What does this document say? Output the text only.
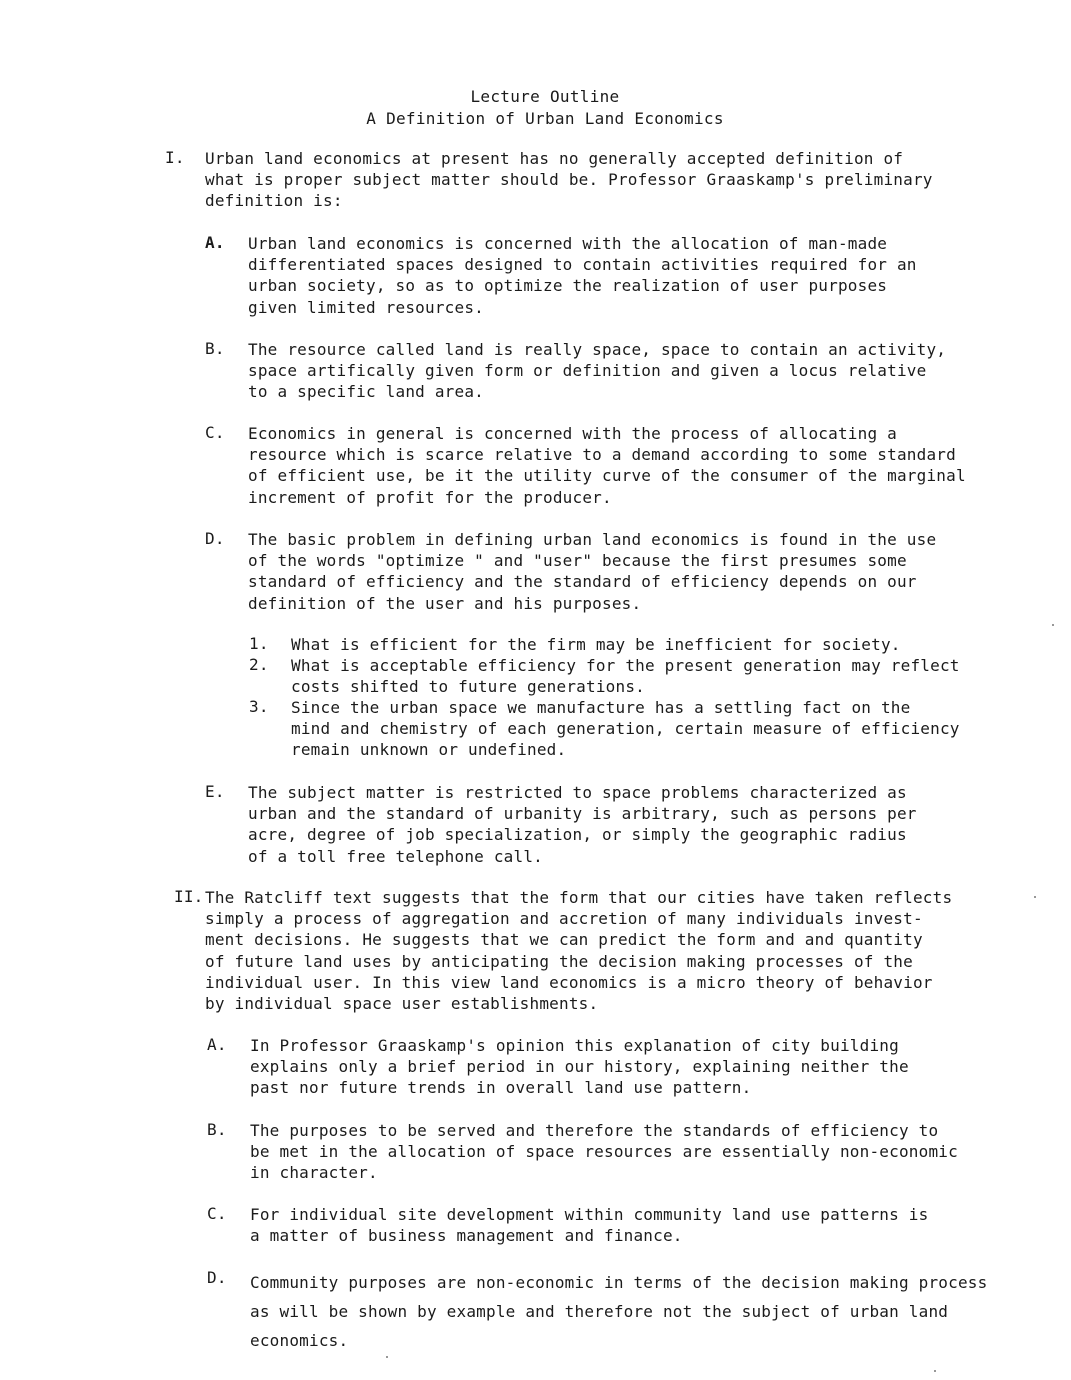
Lecture Outline
A Definition of Urban Land Economics
I. Urban land economics at present has no generally accepted definition of
what is proper subject matter should be. Professor Graaskamp's preliminary
definition is:
A. Urban land economics is concerned with the allocation of man-made
differentiated spaces designed to contain activities required for an
urban society, so as to optimize the realization of user purposes
given limited resources.
B. The resource called land is really space, space to contain an activity,
space artifically given form or definition and given a locus relative
to a specific land area.
C. Economics in general is concerned with the process of allocating a
resource which is scarce relative to a demand according to some standard
of efficient use, be it the utility curve of the consumer of the marginal
increment of profit for the producer.
D. The basic problem in defining urban land economics is found in the use
of the words "optimize " and "user" because the first presumes some
standard of efficiency and the standard of efficiency depends on our
definition of the user and his purposes.
1. What is efficient for the firm may be inefficient for society.
2. What is acceptable efficiency for the present generation may reflect
costs shifted to future generations.
3. Since the urban space we manufacture has a settling fact on the
mind and chemistry of each generation, certain measure of efficiency
remain unknown or undefined.
E. The subject matter is restricted to space problems characterized as
urban and the standard of urbanity is arbitrary, such as persons per
acre, degree of job specialization, or simply the geographic radius
of a toll free telephone call.
II. The Ratcliff text suggests that the form that our cities have taken reflects
simply a process of aggregation and accretion of many individuals invest-
ment decisions. He suggests that we can predict the form and and quantity
of future land uses by anticipating the decision making processes of the
individual user. In this view land economics is a micro theory of behavior
by individual space user establishments.
A. In Professor Graaskamp's opinion this explanation of city building
explains only a brief period in our history, explaining neither the
past nor future trends in overall land use pattern.
B. The purposes to be served and therefore the standards of efficiency to
be met in the allocation of space resources are essentially non-economic
in character.
C. For individual site development within community land use patterns is
a matter of business management and finance.
D. Community purposes are non-economic in terms of the decision making process
as will be shown by example and therefore not the subject of urban land
economics.
